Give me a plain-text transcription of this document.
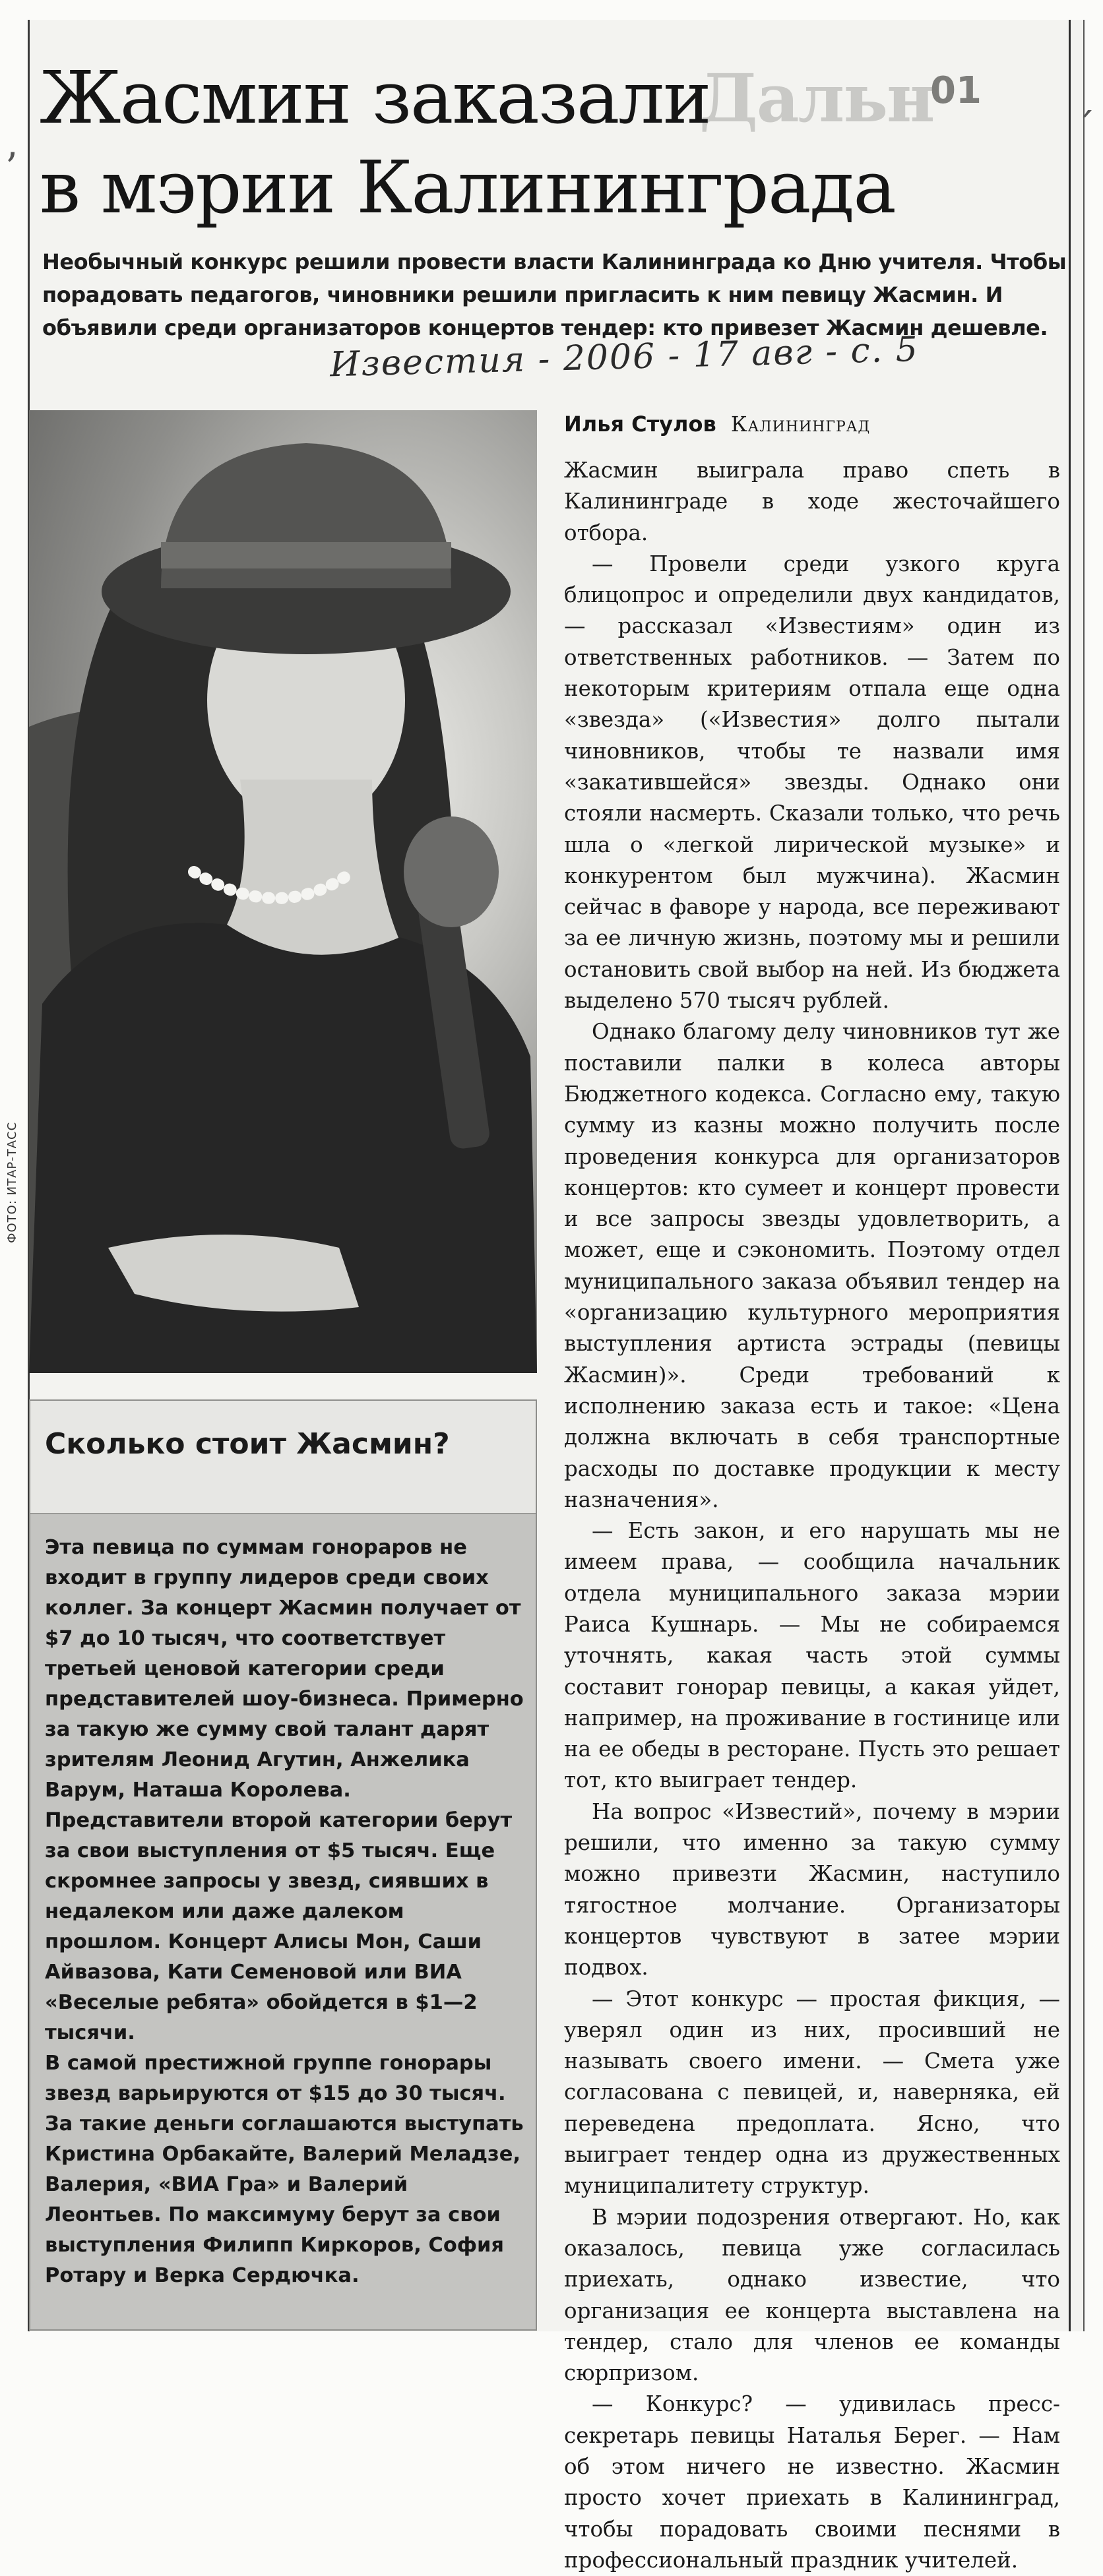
Дальн
01
Жасмин заказали
в мэрии Калининграда

Необычный конкурс решили провести власти Калининграда ко Дню учителя. Чтобы порадовать педагогов, чиновники решили пригласить к ним певицу Жасмин. И объявили среди организаторов концертов тендер: кто привезет Жасмин дешевле.

Известия - 2006 - 17 авг - с. 5
ФОТО: ИТАР-ТАСС
Илья Стулов Калининград

Жасмин выиграла право спеть в Калининграде в ходе жесточайшего отбора.

— Провели среди узкого круга блицопрос и определили двух кандидатов, — рассказал «Известиям» один из ответственных работников. — Затем по некоторым критериям отпала еще одна «звезда» («Известия» долго пытали чиновников, чтобы те назвали имя «закатившейся» звезды. Однако они стояли насмерть. Сказали только, что речь шла о «легкой лирической музыке» и конкурентом был мужчина). Жасмин сейчас в фаворе у народа, все переживают за ее личную жизнь, поэтому мы и решили остановить свой выбор на ней. Из бюджета выделено 570 тысяч рублей.

Однако благому делу чиновников тут же поставили палки в колеса авторы Бюджетного кодекса. Согласно ему, такую сумму из казны можно получить после проведения конкурса для организаторов концертов: кто сумеет и концерт провести и все запросы звезды удовлетворить, а может, еще и сэкономить. Поэтому отдел муниципального заказа объявил тендер на «организацию культурного мероприятия выступления артиста эстрады (певицы Жасмин)». Среди требований к исполнению заказа есть и такое: «Цена должна включать в себя транспортные расходы по доставке продукции к месту назначения».

— Есть закон, и его нарушать мы не имеем права, — сообщила начальник отдела муниципального заказа мэрии Раиса Кушнарь. — Мы не собираемся уточнять, какая часть этой суммы составит гонорар певицы, а какая уйдет, например, на проживание в гостинице или на ее обеды в ресторане. Пусть это решает тот, кто выиграет тендер.

На вопрос «Известий», почему в мэрии решили, что именно за такую сумму можно привезти Жасмин, наступило тягостное молчание. Организаторы концертов чувствуют в затее мэрии подвох.

— Этот конкурс — простая фикция, — уверял один из них, просивший не называть своего имени. — Смета уже согласована с певицей, и, наверняка, ей переведена предоплата. Ясно, что выиграет тендер одна из дружественных муниципалитету структур.

В мэрии подозрения отвергают. Но, как оказалось, певица уже согласилась приехать, однако известие, что организация ее концерта выставлена на тендер, стало для членов ее команды сюрпризом.

— Конкурс? — удивилась пресс-секретарь певицы Наталья Берег. — Нам об этом ничего не известно. Жасмин просто хочет приехать в Калининград, чтобы порадовать своими песнями в профессиональный праздник учителей.

Сколько стоит Жасмин?

Эта певица по суммам гонораров не входит в группу лидеров среди своих коллег. За концерт Жасмин получает от $7 до 10 тысяч, что соответствует третьей ценовой категории среди представителей шоу-бизнеса. Примерно за такую же сумму свой талант дарят зрителям Леонид Агутин, Анжелика Варум, Наташа Королева.

Представители второй категории берут за свои выступления от $5 тысяч. Еще скромнее запросы у звезд, сиявших в недалеком или даже далеком прошлом. Концерт Алисы Мон, Саши Айвазова, Кати Семеновой или ВИА «Веселые ребята» обойдется в $1—2 тысячи.

В самой престижной группе гонорары звезд варьируются от $15 до 30 тысяч. За такие деньги соглашаются выступать Кристина Орбакайте, Валерий Меладзе, Валерия, «ВИА Гра» и Валерий Леонтьев. По максимуму берут за свои выступления Филипп Киркоров, София Ротару и Верка Сердючка.

ʼ
ˊ
